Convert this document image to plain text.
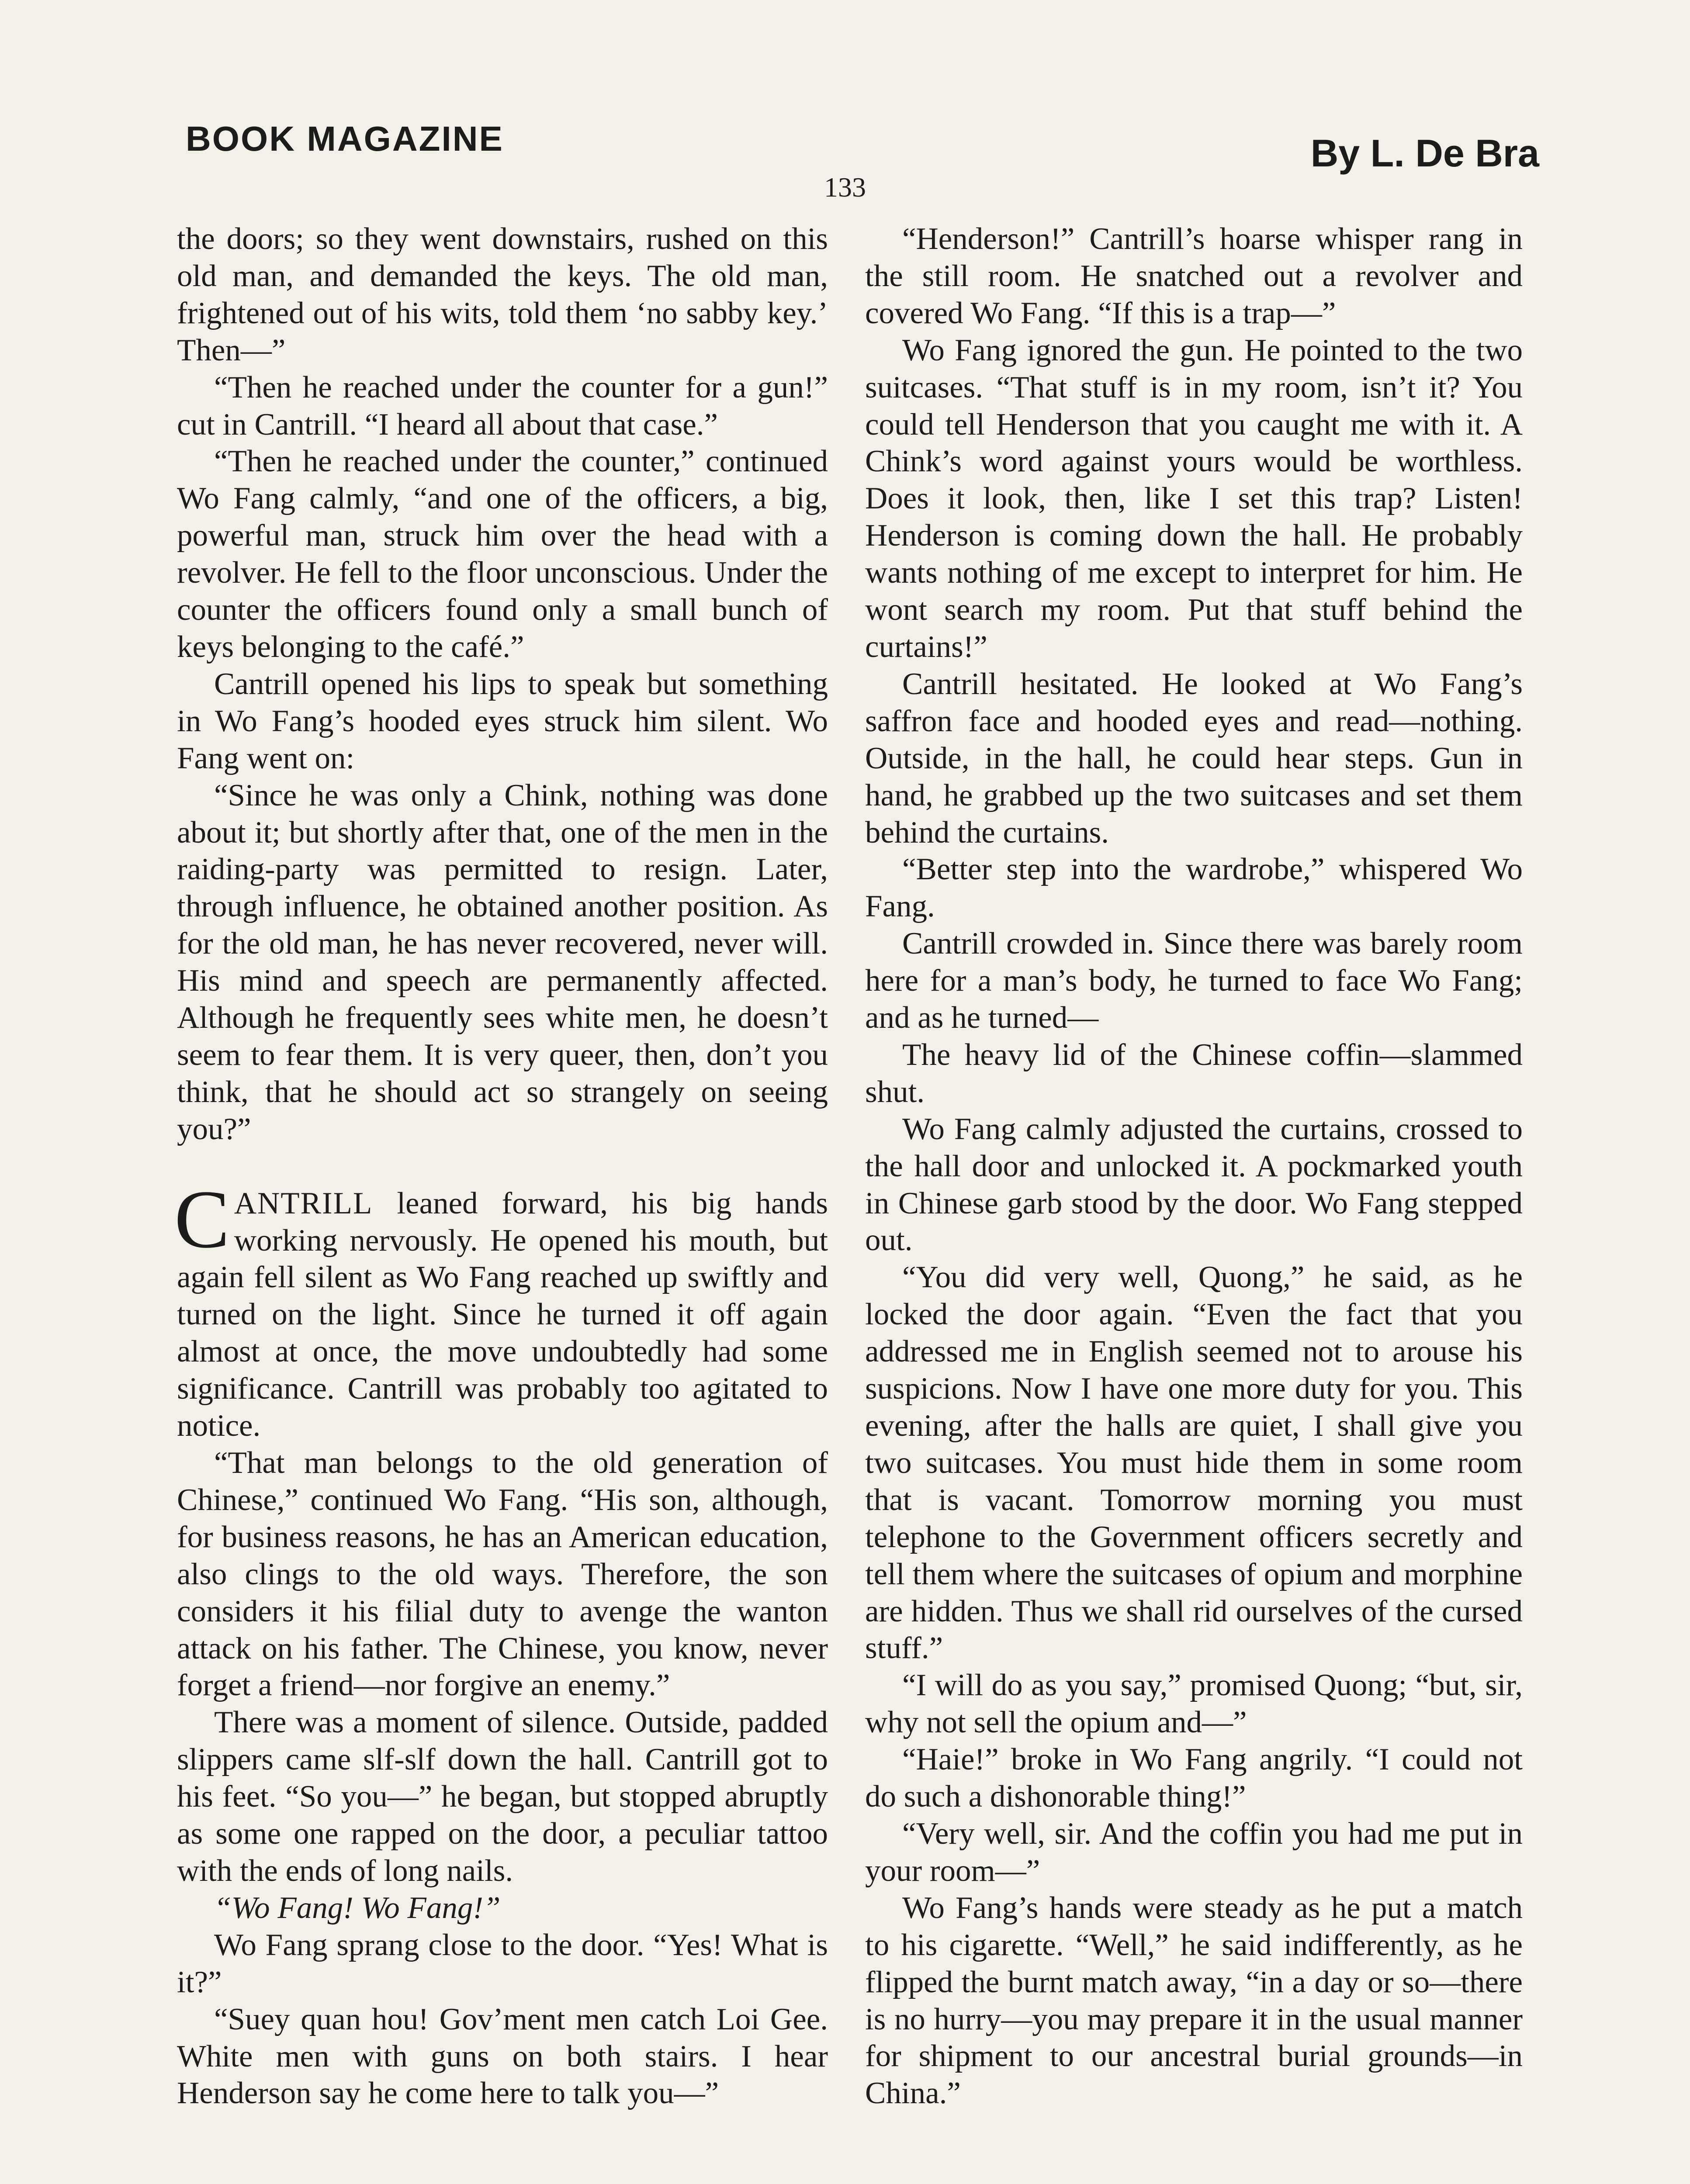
BOOK MAGAZINE	By L. De Bra
133

the doors; so they went downstairs, rushed on this old man, and demanded the keys. The old man, frightened out of his wits, told them ‘no sabby key.’ Then—”

“Then he reached under the counter for a gun!” cut in Cantrill. “I heard all about that case.”

“Then he reached under the counter,” continued Wo Fang calmly, “and one of the officers, a big, powerful man, struck him over the head with a revolver. He fell to the floor unconscious. Under the counter the officers found only a small bunch of keys belonging to the café.”

Cantrill opened his lips to speak but something in Wo Fang’s hooded eyes struck him silent. Wo Fang went on:

“Since he was only a Chink, nothing was done about it; but shortly after that, one of the men in the raiding-party was permitted to resign. Later, through influence, he obtained another position. As for the old man, he has never recovered, never will. His mind and speech are permanently affected. Although he frequently sees white men, he doesn’t seem to fear them. It is very queer, then, don’t you think, that he should act so strangely on seeing you?”

CANTRILL leaned forward, his big hands working nervously. He opened his mouth, but again fell silent as Wo Fang reached up swiftly and turned on the light. Since he turned it off again almost at once, the move undoubtedly had some significance. Cantrill was probably too agitated to notice.

“That man belongs to the old generation of Chinese,” continued Wo Fang. “His son, although, for business reasons, he has an American education, also clings to the old ways. Therefore, the son considers it his filial duty to avenge the wanton attack on his father. The Chinese, you know, never forget a friend—nor forgive an enemy.”

There was a moment of silence. Outside, padded slippers came slf-slf down the hall. Cantrill got to his feet. “So you—” he began, but stopped abruptly as some one rapped on the door, a peculiar tattoo with the ends of long nails.

“Wo Fang! Wo Fang!”

Wo Fang sprang close to the door. “Yes! What is it?”

“Suey quan hou! Gov’ment men catch Loi Gee. White men with guns on both stairs. I hear Henderson say he come here to talk you—”

“Henderson!” Cantrill’s hoarse whisper rang in the still room. He snatched out a revolver and covered Wo Fang. “If this is a trap—”

Wo Fang ignored the gun. He pointed to the two suitcases. “That stuff is in my room, isn’t it? You could tell Henderson that you caught me with it. A Chink’s word against yours would be worthless. Does it look, then, like I set this trap? Listen! Henderson is coming down the hall. He probably wants nothing of me except to interpret for him. He wont search my room. Put that stuff behind the curtains!”

Cantrill hesitated. He looked at Wo Fang’s saffron face and hooded eyes and read—nothing. Outside, in the hall, he could hear steps. Gun in hand, he grabbed up the two suitcases and set them behind the curtains.

“Better step into the wardrobe,” whispered Wo Fang.

Cantrill crowded in. Since there was barely room here for a man’s body, he turned to face Wo Fang; and as he turned—

The heavy lid of the Chinese coffin—slammed shut.

Wo Fang calmly adjusted the curtains, crossed to the hall door and unlocked it. A pockmarked youth in Chinese garb stood by the door. Wo Fang stepped out.

“You did very well, Quong,” he said, as he locked the door again. “Even the fact that you addressed me in English seemed not to arouse his suspicions. Now I have one more duty for you. This evening, after the halls are quiet, I shall give you two suitcases. You must hide them in some room that is vacant. Tomorrow morning you must telephone to the Government officers secretly and tell them where the suitcases of opium and morphine are hidden. Thus we shall rid ourselves of the cursed stuff.”

“I will do as you say,” promised Quong; “but, sir, why not sell the opium and—”

“Haie!” broke in Wo Fang angrily. “I could not do such a dishonorable thing!”

“Very well, sir. And the coffin you had me put in your room—”

Wo Fang’s hands were steady as he put a match to his cigarette. “Well,” he said indifferently, as he flipped the burnt match away, “in a day or so—there is no hurry—you may prepare it in the usual manner for shipment to our ancestral burial grounds—in China.”
